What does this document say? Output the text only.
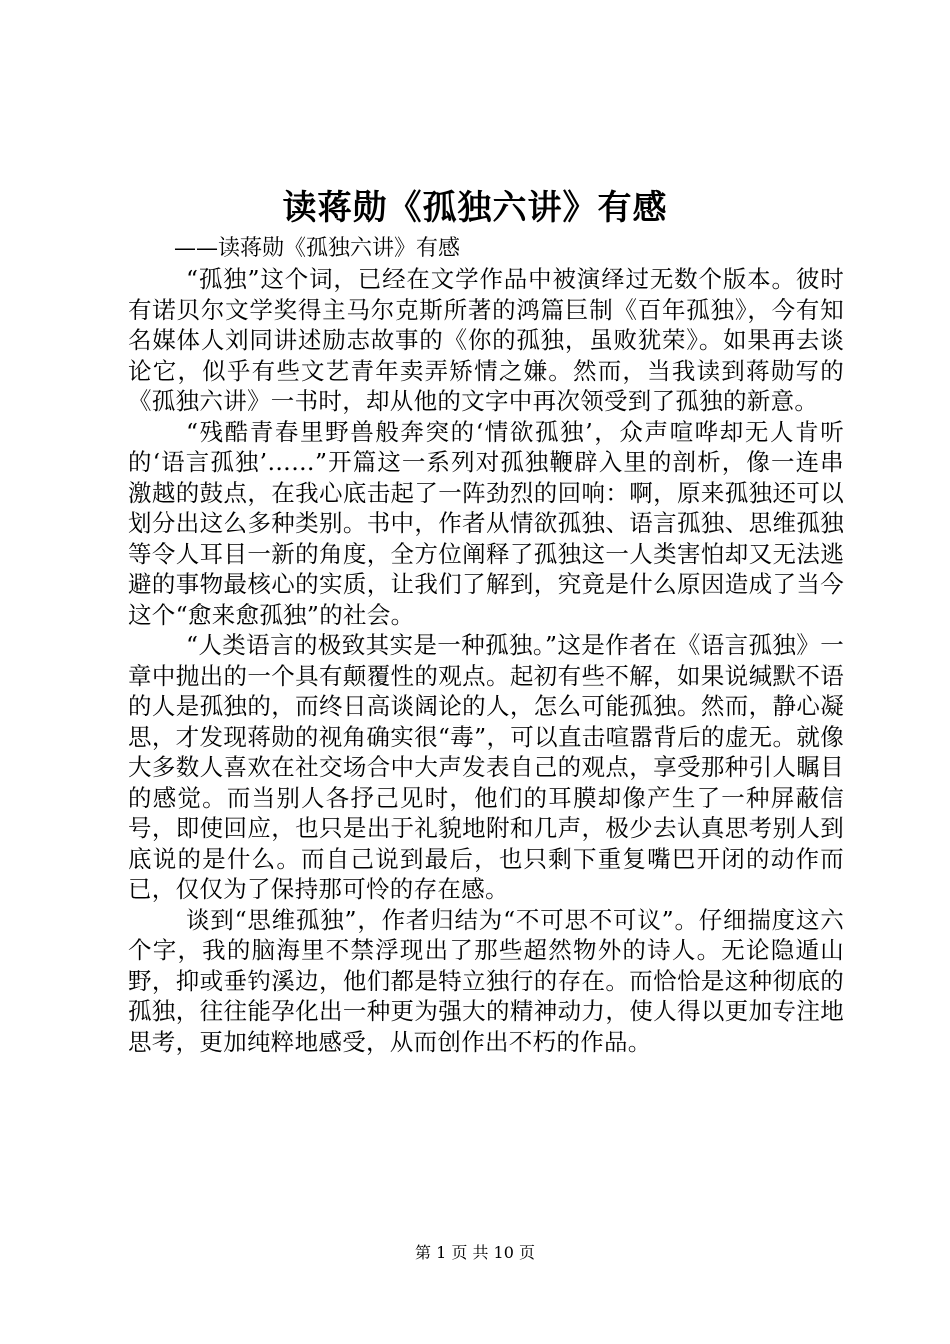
读蒋勋《孤独六讲》有感

——读蒋勋《孤独六讲》有感

“孤独”这个词，已经在文学作品中被演绎过无数个版本。彼时有诺贝尔文学奖得主马尔克斯所著的鸿篇巨制《百年孤独》，今有知名媒体人刘同讲述励志故事的《你的孤独，虽败犹荣》。如果再去谈论它，似乎有些文艺青年卖弄矫情之嫌。然而，当我读到蒋勋写的《孤独六讲》一书时，却从他的文字中再次领受到了孤独的新意。

“残酷青春里野兽般奔突的‘情欲孤独’，众声喧哗却无人肯听的‘语言孤独’……”开篇这一系列对孤独鞭辟入里的剖析，像一连串激越的鼓点，在我心底击起了一阵劲烈的回响：啊，原来孤独还可以划分出这么多种类别。书中，作者从情欲孤独、语言孤独、思维孤独等令人耳目一新的角度，全方位阐释了孤独这一人类害怕却又无法逃避的事物最核心的实质，让我们了解到，究竟是什么原因造成了当今这个“愈来愈孤独”的社会。

“人类语言的极致其实是一种孤独。”这是作者在《语言孤独》一章中抛出的一个具有颠覆性的观点。起初有些不解，如果说缄默不语的人是孤独的，而终日高谈阔论的人，怎么可能孤独。然而，静心凝思，才发现蒋勋的视角确实很“毒”，可以直击喧嚣背后的虚无。就像大多数人喜欢在社交场合中大声发表自己的观点，享受那种引人瞩目的感觉。而当别人各抒己见时，他们的耳膜却像产生了一种屏蔽信号，即使回应，也只是出于礼貌地附和几声，极少去认真思考别人到底说的是什么。而自己说到最后，也只剩下重复嘴巴开闭的动作而已，仅仅为了保持那可怜的存在感。

谈到“思维孤独”，作者归结为“不可思不可议”。仔细揣度这六个字，我的脑海里不禁浮现出了那些超然物外的诗人。无论隐遁山野，抑或垂钓溪边，他们都是特立独行的存在。而恰恰是这种彻底的孤独，往往能孕化出一种更为强大的精神动力，使人得以更加专注地思考，更加纯粹地感受，从而创作出不朽的作品。

第 1 页 共 10 页
